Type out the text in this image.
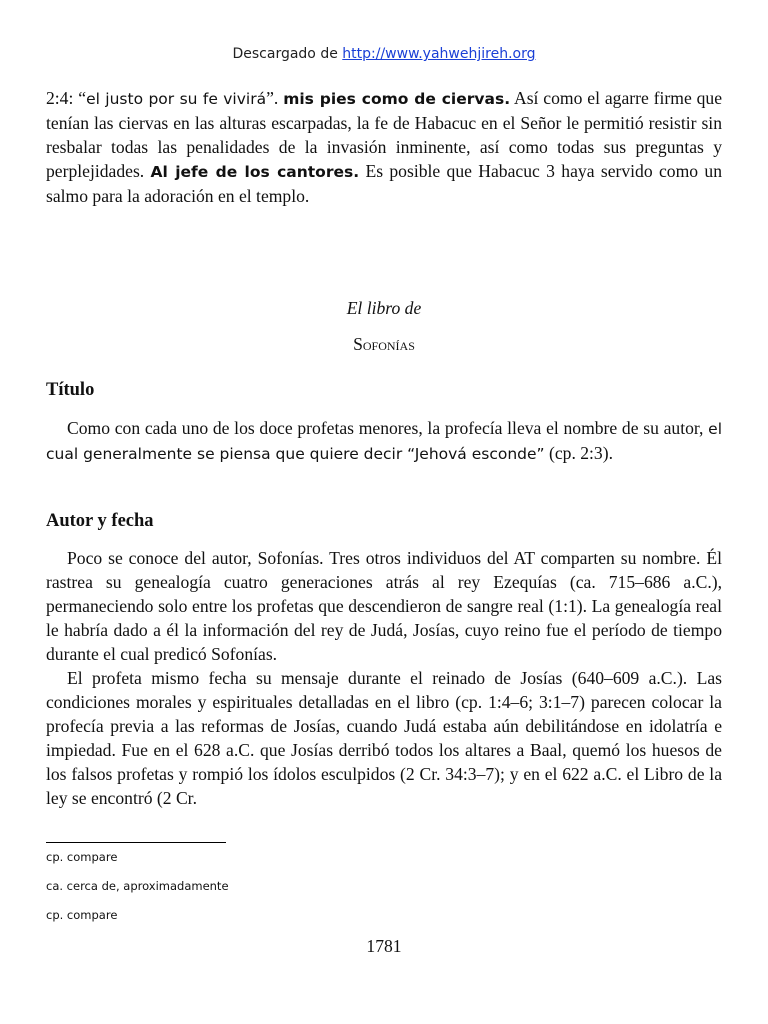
Descargado de http://www.yahwehjireh.org

2:4: “el justo por su fe vivirá”. mis pies como de ciervas. Así como el agarre firme que tenían las ciervas en las alturas escarpadas, la fe de Habacuc en el Señor le permitió resistir sin resbalar todas las penalidades de la invasión inminente, así como todas sus preguntas y perplejidades. Al jefe de los cantores. Es posible que Habacuc 3 haya servido como un salmo para la adoración en el templo.

El libro de
Sofonías
Título

Como con cada uno de los doce profetas menores, la profecía lleva el nombre de su autor, el cual generalmente se piensa que quiere decir “Jehová esconde” (cp. 2:3).

Autor y fecha

Poco se conoce del autor, Sofonías. Tres otros individuos del AT comparten su nombre. Él rastrea su genealogía cuatro generaciones atrás al rey Ezequías (ca. 715–686 a.C.), permaneciendo solo entre los profetas que descendieron de sangre real (1:1). La genealogía real le habría dado a él la información del rey de Judá, Josías, cuyo reino fue el período de tiempo durante el cual predicó Sofonías.

El profeta mismo fecha su mensaje durante el reinado de Josías (640–609 a.C.). Las condiciones morales y espirituales detalladas en el libro (cp. 1:4–6; 3:1–7) parecen colocar la profecía previa a las reformas de Josías, cuando Judá estaba aún debilitándose en idolatría e impiedad. Fue en el 628 a.C. que Josías derribó todos los altares a Baal, quemó los huesos de los falsos profetas y rompió los ídolos esculpidos (2 Cr. 34:3–7); y en el 622 a.C. el Libro de la ley se encontró (2 Cr.

cp. compare
ca. cerca de, aproximadamente
cp. compare
1781
